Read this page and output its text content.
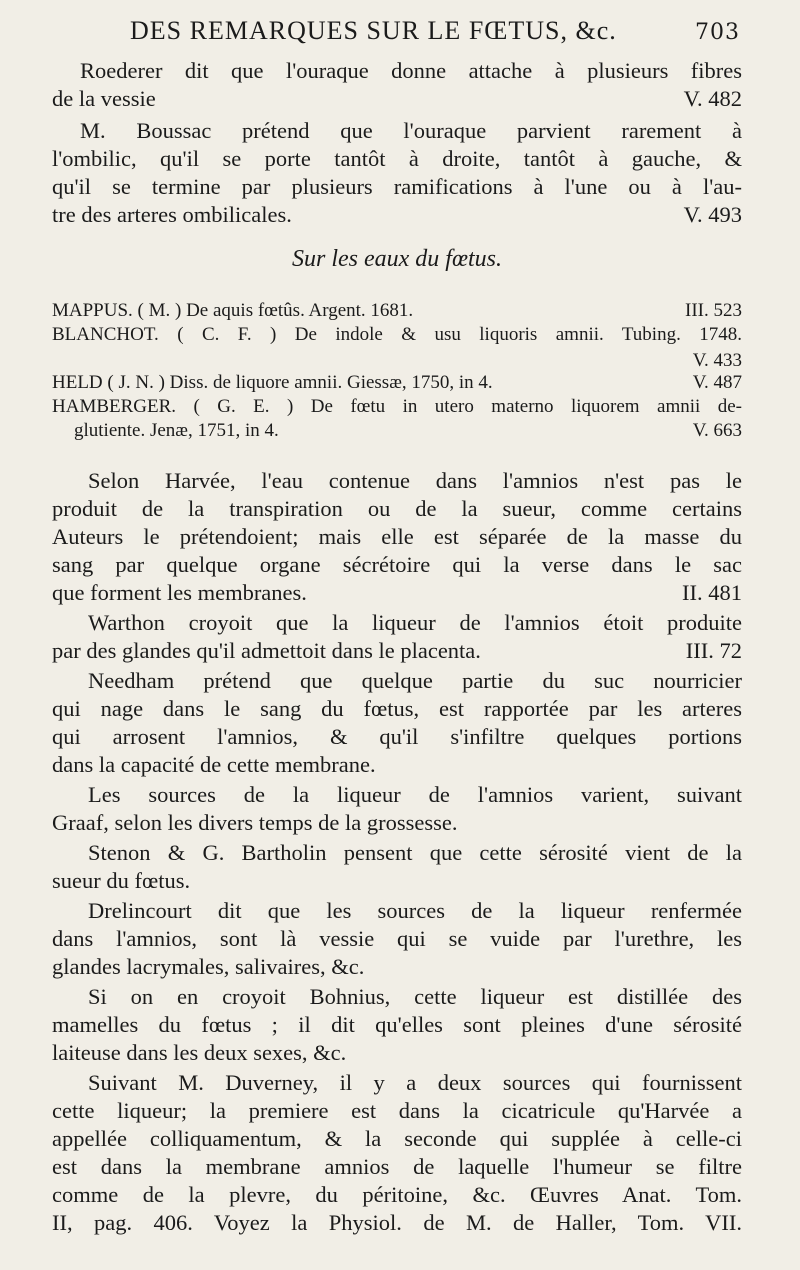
DES REMARQUES SUR LE FŒTUS, &c.	703
Roederer dit que l'ouraque donne attache à plusieurs fibres
de la vessie	V. 482
M. Boussac prétend que l'ouraque parvient rarement à
l'ombilic, qu'il se porte tantôt à droite, tantôt à gauche, &
qu'il se termine par plusieurs ramifications à l'une ou à l'au-
tre des arteres ombilicales.	V. 493
Sur les eaux du fœtus.
MAPPUS. ( M. ) De aquis fœtûs. Argent. 1681.	III. 523
BLANCHOT. ( C. F. ) De indole & usu liquoris amnii. Tubing. 1748.
V. 433
HELD ( J. N. ) Diss. de liquore amnii. Giessæ, 1750, in 4.	V. 487
HAMBERGER. ( G. E. ) De fœtu in utero materno liquorem amnii de-
glutiente. Jenæ, 1751, in 4.	V. 663
Selon Harvée, l'eau contenue dans l'amnios n'est pas le
produit de la transpiration ou de la sueur, comme certains
Auteurs le prétendoient; mais elle est séparée de la masse du
sang par quelque organe sécrétoire qui la verse dans le sac
que forment les membranes.	II. 481
Warthon croyoit que la liqueur de l'amnios étoit produite
par des glandes qu'il admettoit dans le placenta.	III. 72
Needham prétend que quelque partie du suc nourricier
qui nage dans le sang du fœtus, est rapportée par les arteres
qui arrosent l'amnios, & qu'il s'infiltre quelques portions
dans la capacité de cette membrane.
Les sources de la liqueur de l'amnios varient, suivant
Graaf, selon les divers temps de la grossesse.
Stenon & G. Bartholin pensent que cette sérosité vient de la
sueur du fœtus.
Drelincourt dit que les sources de la liqueur renfermée
dans l'amnios, sont là vessie qui se vuide par l'urethre, les
glandes lacrymales, salivaires, &c.
Si on en croyoit Bohnius, cette liqueur est distillée des
mamelles du fœtus ; il dit qu'elles sont pleines d'une sérosité
laiteuse dans les deux sexes, &c.
Suivant M. Duverney, il y a deux sources qui fournissent
cette liqueur; la premiere est dans la cicatricule qu'Harvée a
appellée colliquamentum, & la seconde qui supplée à celle-ci
est dans la membrane amnios de laquelle l'humeur se filtre
comme de la plevre, du péritoine, &c. Œuvres Anat. Tom.
II, pag. 406. Voyez la Physiol. de M. de Haller, Tom. VII.
